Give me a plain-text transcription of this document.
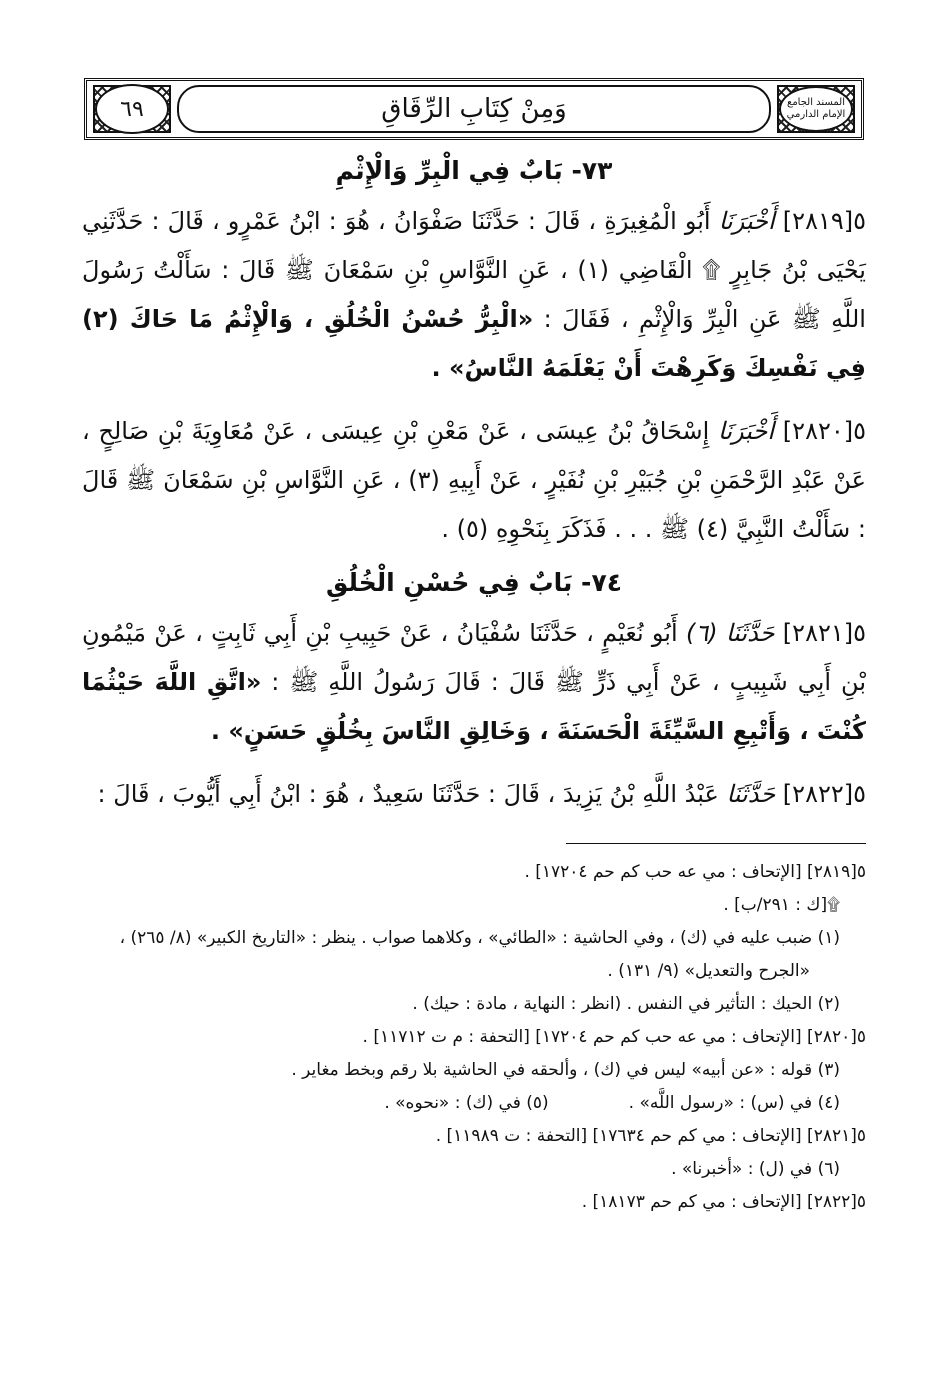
٦٩	وَمِنْ كِتَابِ الرِّقَاقِ	المسند الجامع الإمام الدارمي
٧٣- بَابٌ فِي الْبِرِّ وَالْإِثْمِ

٥[٢٨١٩] أَخْبَرَنَا أَبُو الْمُغِيرَةِ ، قَالَ : حَدَّثَنَا صَفْوَانُ ، هُوَ : ابْنُ عَمْرٍو ، قَالَ : حَدَّثَنِي يَحْيَى بْنُ جَابِرٍ ۩ الْقَاضِي (١) ، عَنِ النَّوَّاسِ بْنِ سَمْعَانَ ﷺ قَالَ : سَأَلْتُ رَسُولَ اللَّهِ ﷺ عَنِ الْبِرِّ وَالْإِثْمِ ، فَقَالَ : «الْبِرُّ حُسْنُ الْخُلُقِ ، وَالْإِثْمُ مَا حَاكَ (٢) فِي نَفْسِكَ وَكَرِهْتَ أَنْ يَعْلَمَهُ النَّاسُ» .

٥[٢٨٢٠] أَخْبَرَنَا إِسْحَاقُ بْنُ عِيسَى ، عَنْ مَعْنِ بْنِ عِيسَى ، عَنْ مُعَاوِيَةَ بْنِ صَالِحٍ ، عَنْ عَبْدِ الرَّحْمَنِ بْنِ جُبَيْرِ بْنِ نُفَيْرٍ ، عَنْ أَبِيهِ (٣) ، عَنِ النَّوَّاسِ بْنِ سَمْعَانَ ﷺ قَالَ : سَأَلْتُ النَّبِيَّ (٤) ﷺ . . . فَذَكَرَ بِنَحْوِهِ (٥) .

٧٤- بَابٌ فِي حُسْنِ الْخُلُقِ

٥[٢٨٢١] حَدَّثَنَا (٦) أَبُو نُعَيْمٍ ، حَدَّثَنَا سُفْيَانُ ، عَنْ حَبِيبِ بْنِ أَبِي ثَابِتٍ ، عَنْ مَيْمُونِ بْنِ أَبِي شَبِيبٍ ، عَنْ أَبِي ذَرٍّ ﷺ قَالَ : قَالَ رَسُولُ اللَّهِ ﷺ : «اتَّقِ اللَّهَ حَيْثُمَا كُنْتَ ، وَأَتْبِعِ السَّيِّئَةَ الْحَسَنَةَ ، وَخَالِقِ النَّاسَ بِخُلُقٍ حَسَنٍ» .

٥[٢٨٢٢] حَدَّثَنَا عَبْدُ اللَّهِ بْنُ يَزِيدَ ، قَالَ : حَدَّثَنَا سَعِيدٌ ، هُوَ : ابْنُ أَبِي أَيُّوبَ ، قَالَ :

٥[٢٨١٩] [الإتحاف : مي عه حب كم حم ١٧٢٠٤] .
۩[ك : ٢٩١/ب] .
(١) ضبب عليه في (ك) ، وفي الحاشية : «الطائي» ، وكلاهما صواب . ينظر : «التاريخ الكبير» (٨/ ٢٦٥) ،
«الجرح والتعديل» (٩/ ١٣١) .
(٢) الحيك : التأثير في النفس . (انظر : النهاية ، مادة : حيك) .
٥[٢٨٢٠] [الإتحاف : مي عه حب كم حم ١٧٢٠٤] [التحفة : م ت ١١٧١٢] .
(٣) قوله : «عن أبيه» ليس في (ك) ، وألحقه في الحاشية بلا رقم وبخط مغاير .
(٤) في (س) : «رسول اللَّه» .
(٥) في (ك) : «نحوه» .
٥[٢٨٢١] [الإتحاف : مي كم حم ١٧٦٣٤] [التحفة : ت ١١٩٨٩] .
(٦) في (ل) : «أخبرنا» .
٥[٢٨٢٢] [الإتحاف : مي كم حم ١٨١٧٣] .
